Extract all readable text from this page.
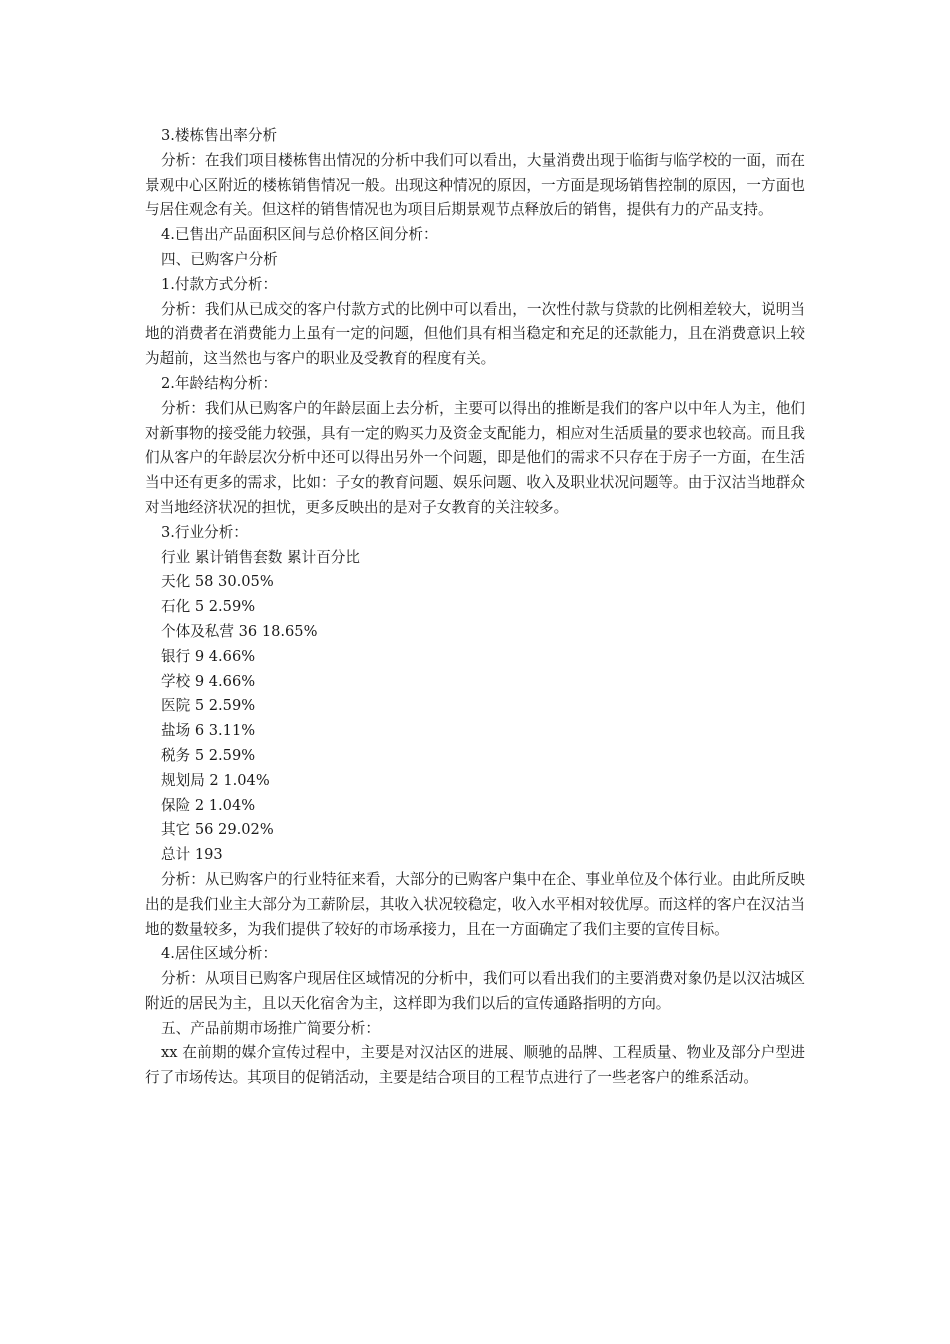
3.楼栋售出率分析

分析：在我们项目楼栋售出情况的分析中我们可以看出，大量消费出现于临街与临学校的一面，而在景观中心区附近的楼栋销售情况一般。出现这种情况的原因，一方面是现场销售控制的原因，一方面也与居住观念有关。但这样的销售情况也为项目后期景观节点释放后的销售，提供有力的产品支持。

4.已售出产品面积区间与总价格区间分析：

四、已购客户分析

1.付款方式分析：

分析：我们从已成交的客户付款方式的比例中可以看出，一次性付款与贷款的比例相差较大，说明当地的消费者在消费能力上虽有一定的问题，但他们具有相当稳定和充足的还款能力，且在消费意识上较为超前，这当然也与客户的职业及受教育的程度有关。

2.年龄结构分析：

分析：我们从已购客户的年龄层面上去分析，主要可以得出的推断是我们的客户以中年人为主，他们对新事物的接受能力较强，具有一定的购买力及资金支配能力，相应对生活质量的要求也较高。而且我们从客户的年龄层次分析中还可以得出另外一个问题，即是他们的需求不只存在于房子一方面，在生活当中还有更多的需求，比如：子女的教育问题、娱乐问题、收入及职业状况问题等。由于汉沽当地群众对当地经济状况的担忧，更多反映出的是对子女教育的关注较多。

3.行业分析：

行业 累计销售套数 累计百分比

天化 58 30.05%

石化 5 2.59%

个体及私营 36 18.65%

银行 9 4.66%

学校 9 4.66%

医院 5 2.59%

盐场 6 3.11%

税务 5 2.59%

规划局 2 1.04%

保险 2 1.04%

其它 56 29.02%

总计 193

分析：从已购客户的行业特征来看，大部分的已购客户集中在企、事业单位及个体行业。由此所反映出的是我们业主大部分为工薪阶层，其收入状况较稳定，收入水平相对较优厚。而这样的客户在汉沽当地的数量较多，为我们提供了较好的市场承接力，且在一方面确定了我们主要的宣传目标。

4.居住区域分析：

分析：从项目已购客户现居住区域情况的分析中，我们可以看出我们的主要消费对象仍是以汉沽城区附近的居民为主，且以天化宿舍为主，这样即为我们以后的宣传通路指明的方向。

五、产品前期市场推广简要分析：

xx 在前期的媒介宣传过程中，主要是对汉沽区的进展、顺驰的品牌、工程质量、物业及部分户型进行了市场传达。其项目的促销活动，主要是结合项目的工程节点进行了一些老客户的维系活动。
